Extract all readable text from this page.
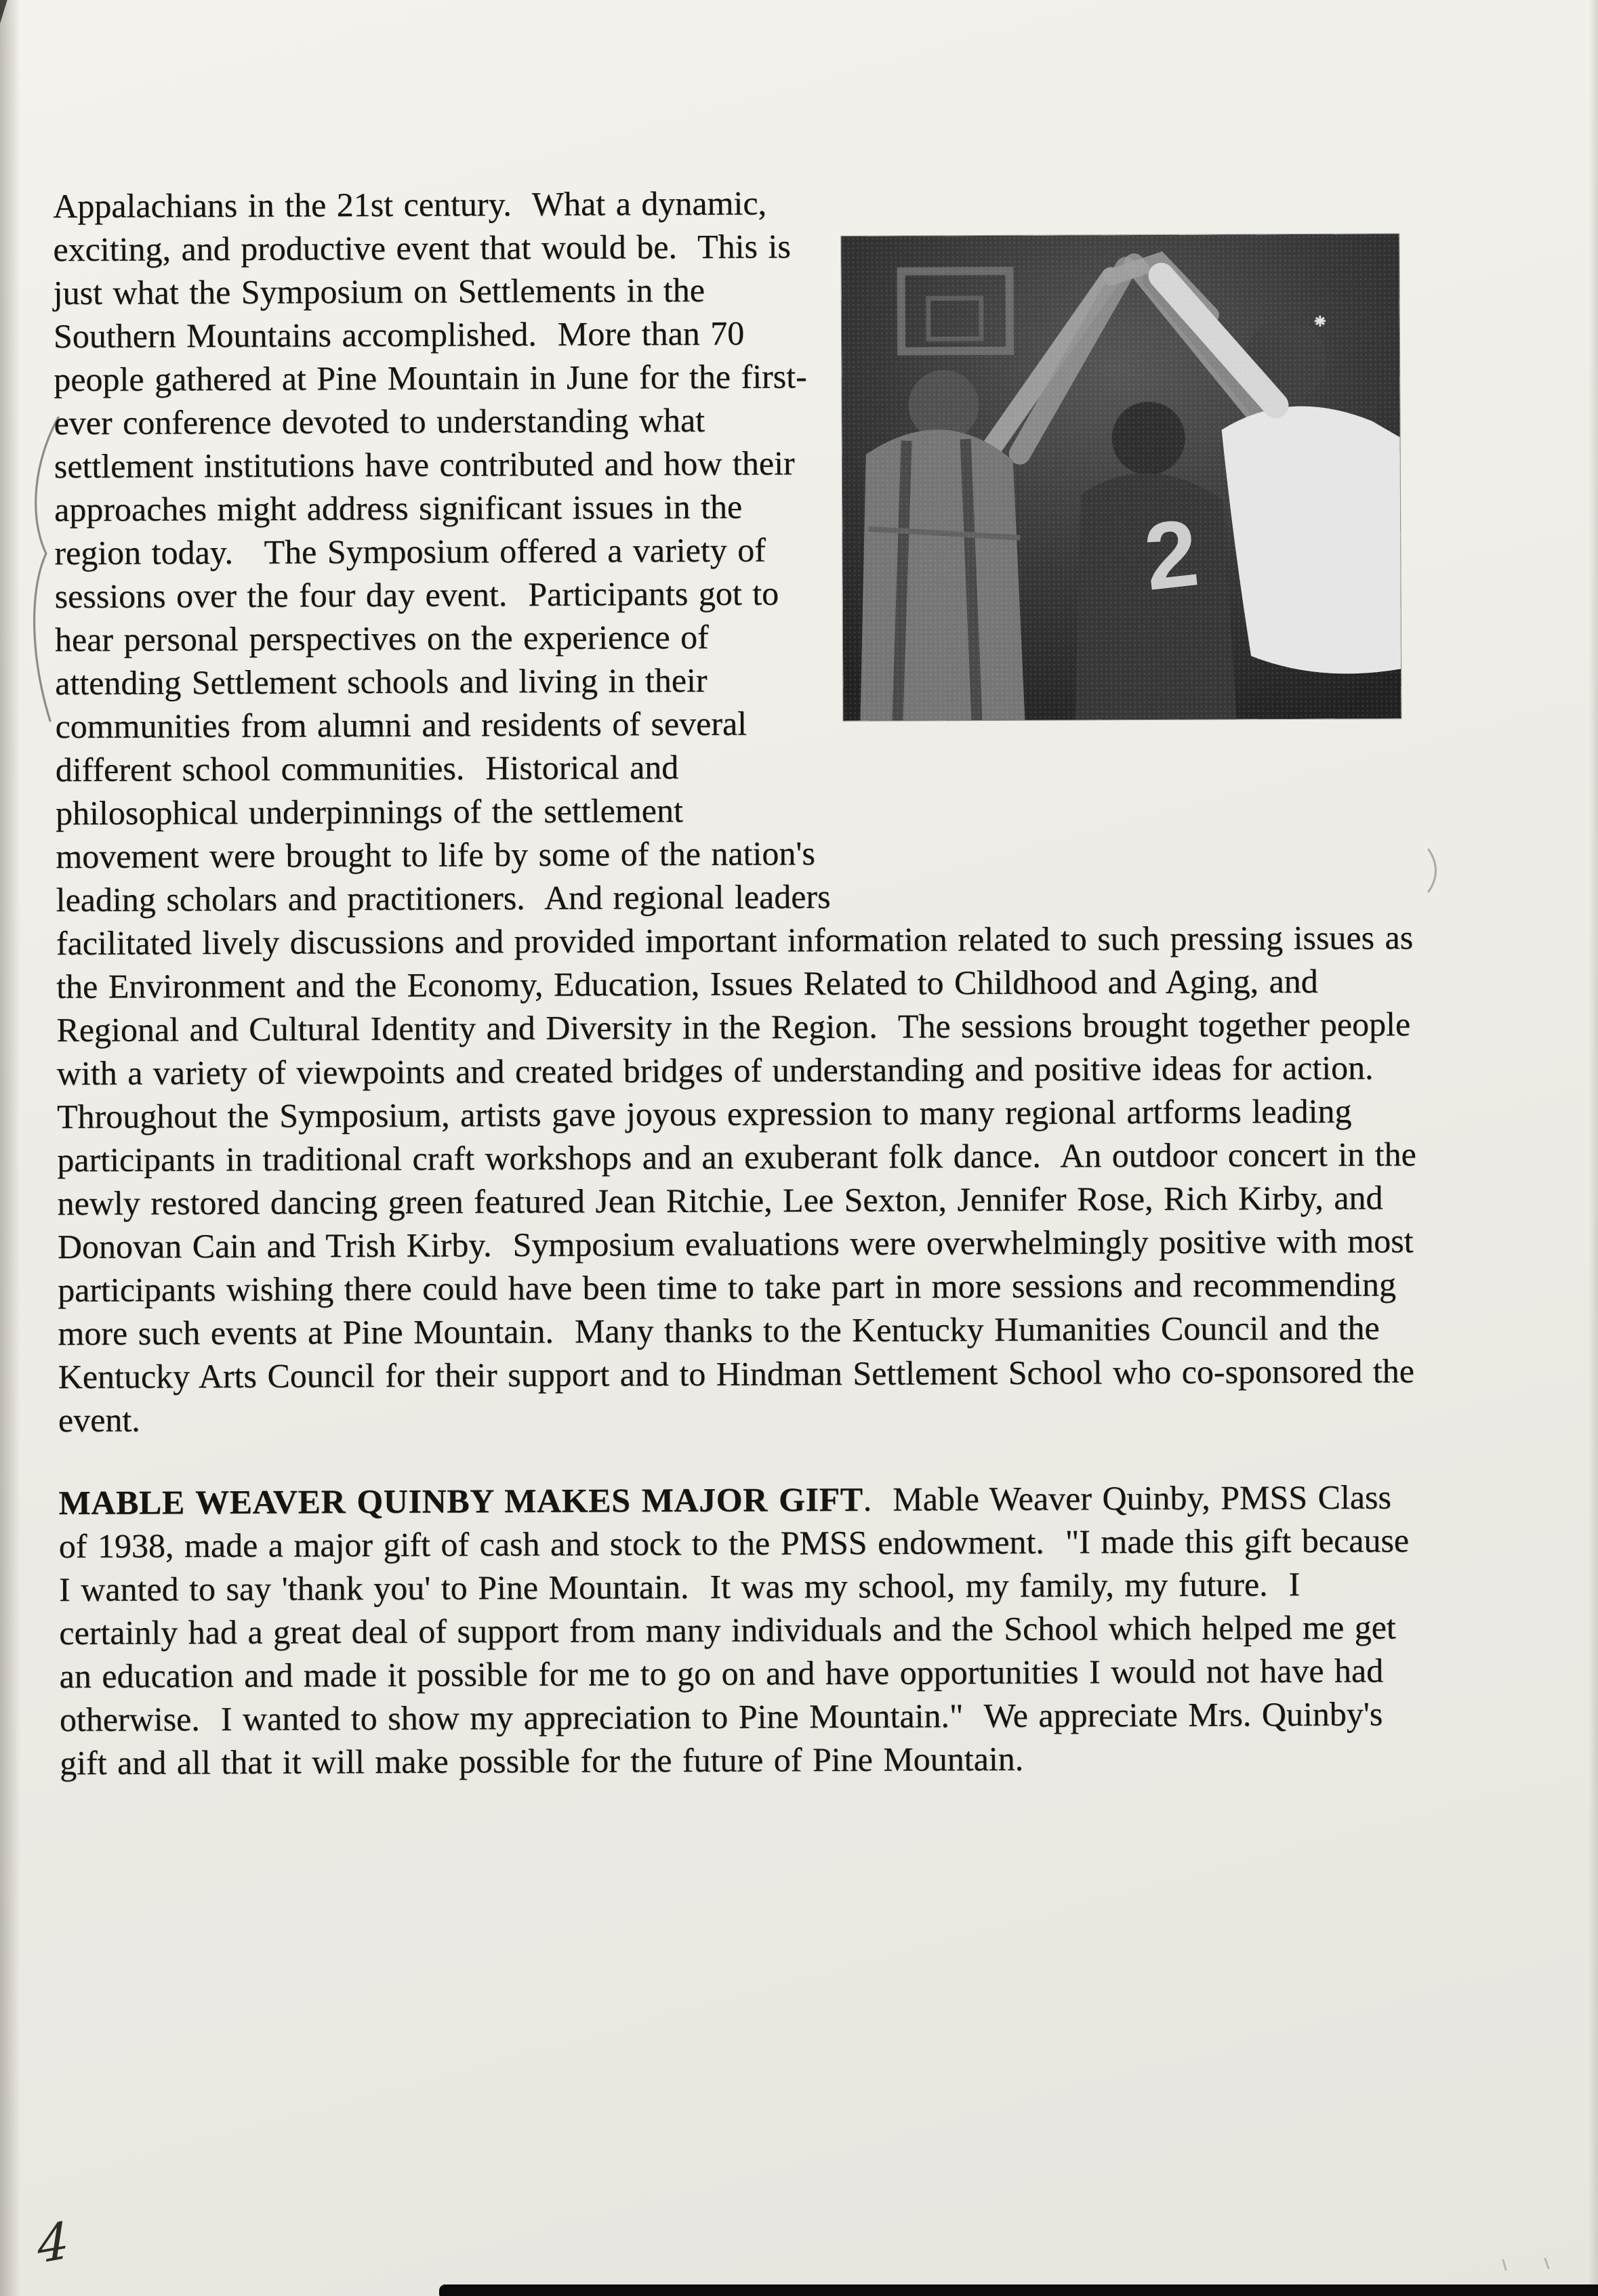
Appalachians in the 21st century.  What a dynamic, exciting, and productive event that would be.  This is just what the Symposium on Settlements in the Southern Mountains accomplished.  More than 70 people gathered at Pine Mountain in June for the first-ever conference devoted to understanding what settlement institutions have contributed and how their approaches might address significant issues in the region today.   The Symposium offered a variety of sessions over the four day event.  Participants got to hear personal perspectives on the experience of attending Settlement schools and living in their communities from alumni and residents of several different school communities.  Historical and philosophical underpinnings of the settlement movement were brought to life by some of the nation's leading scholars and practitioners.  And regional leaders facilitated lively discussions and provided important information related to such pressing issues as the Environment and the Economy, Education, Issues Related to Childhood and Aging, and Regional and Cultural Identity and Diversity in the Region.  The sessions brought together people with a variety of viewpoints and created bridges of understanding and positive ideas for action.  Throughout the Symposium, artists gave joyous expression to many regional artforms leading participants in traditional craft workshops and an exuberant folk dance.  An outdoor concert in the newly restored dancing green featured Jean Ritchie, Lee Sexton, Jennifer Rose, Rich Kirby, and Donovan Cain and Trish Kirby.  Symposium evaluations were overwhelmingly positive with most participants wishing there could have been time to take part in more sessions and recommending more such events at Pine Mountain.  Many thanks to the Kentucky Humanities Council and the Kentucky Arts Council for their support and to Hindman Settlement School who co-sponsored the event.

MABLE WEAVER QUINBY MAKES MAJOR GIFT.  Mable Weaver Quinby, PMSS Class of 1938, made a major gift of cash and stock to the PMSS endowment.  "I made this gift because I wanted to say 'thank you' to Pine Mountain.  It was my school, my family, my future.  I certainly had a great deal of support from many individuals and the School which helped me get an education and made it possible for me to go on and have opportunities I would not have had otherwise.  I wanted to show my appreciation to Pine Mountain."  We appreciate Mrs. Quinby's gift and all that it will make possible for the future of Pine Mountain.

4
